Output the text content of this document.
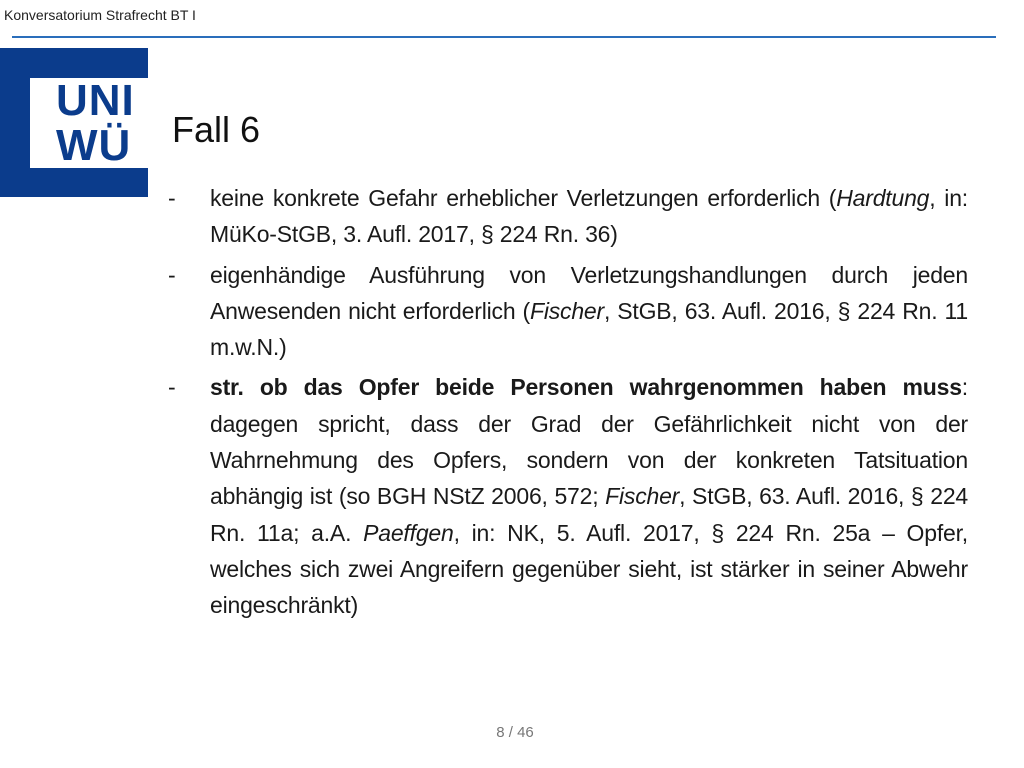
Konversatorium Strafrecht BT I
UNI
WÜ Fall 6
- keine konkrete Gefahr erheblicher Verletzungen erforderlich (Hardtung, in: MüKo-StGB, 3. Aufl. 2017, § 224 Rn. 36)
- eigenhändige Ausführung von Verletzungshandlungen durch jeden Anwesenden nicht erforderlich (Fischer, StGB, 63. Aufl. 2016, § 224 Rn. 11 m.w.N.)
- str. ob das Opfer beide Personen wahrgenommen haben muss: dagegen spricht, dass der Grad der Gefährlichkeit nicht von der Wahrnehmung des Opfers, sondern von der konkreten Tatsituation abhängig ist (so BGH NStZ 2006, 572; Fischer, StGB, 63. Aufl. 2016, § 224 Rn. 11a; a.A. Paeffgen, in: NK, 5. Aufl. 2017, § 224 Rn. 25a – Opfer, welches sich zwei Angreifern gegenüber sieht, ist stärker in seiner Abwehr eingeschränkt)
8 / 46
